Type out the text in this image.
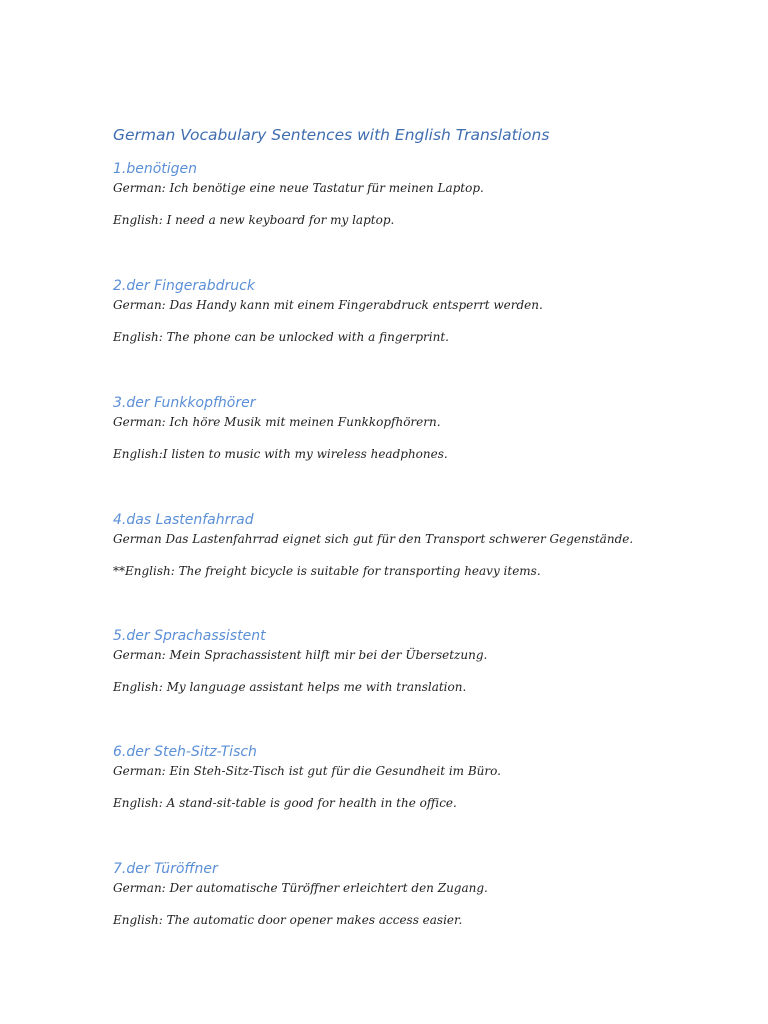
German Vocabulary Sentences with English Translations
1.benötigen

German: Ich benötige eine neue Tastatur für meinen Laptop.

English: I need a new keyboard for my laptop.

2.der Fingerabdruck

German: Das Handy kann mit einem Fingerabdruck entsperrt werden.

English: The phone can be unlocked with a fingerprint.

3.der Funkkopfhörer

German: Ich höre Musik mit meinen Funkkopfhörern.

English:I listen to music with my wireless headphones.

4.das Lastenfahrrad

German Das Lastenfahrrad eignet sich gut für den Transport schwerer Gegenstände.

**English: The freight bicycle is suitable for transporting heavy items.

5.der Sprachassistent

German: Mein Sprachassistent hilft mir bei der Übersetzung.

English: My language assistant helps me with translation.

6.der Steh-Sitz-Tisch

German: Ein Steh-Sitz-Tisch ist gut für die Gesundheit im Büro.

English: A stand-sit-table is good for health in the office.

7.der Türöffner

German: Der automatische Türöffner erleichtert den Zugang.

English: The automatic door opener makes access easier.
